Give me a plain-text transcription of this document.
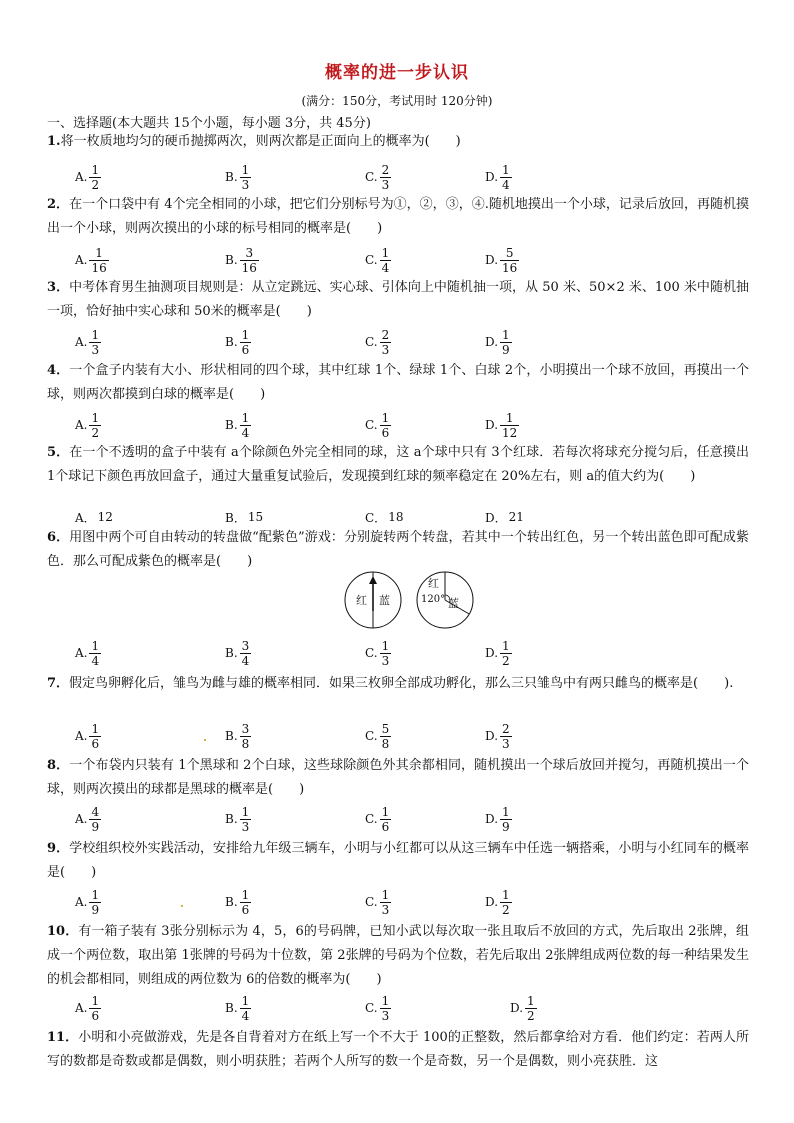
概率的进一步认识
(满分：150分，考试用时 120分钟)
一、选择题(本大题共 15个小题，每小题 3分，共 45分)
1.将一枚质地均匀的硬币抛掷两次，则两次都是正面向上的概率为(　　)
A. $\frac{1}{2}$	B. $\frac{1}{3}$	C. $\frac{2}{3}$	D. $\frac{1}{4}$
2．在一个口袋中有 4个完全相同的小球，把它们分别标号为①，②，③，④.随机地摸出一个小球，记录后放回，再随机摸出一个小球，则两次摸出的小球的标号相同的概率是(　　)
A. $\frac{1}{16}$	B. $\frac{3}{16}$	C. $\frac{1}{4}$	D. $\frac{5}{16}$
3．中考体育男生抽测项目规则是：从立定跳远、实心球、引体向上中随机抽一项，从 50 米、50×2 米、100 米中随机抽一项，恰好抽中实心球和 50米的概率是(　　)
A. $\frac{1}{3}$	B. $\frac{1}{6}$	C. $\frac{2}{3}$	D. $\frac{1}{9}$
4．一个盒子内装有大小、形状相同的四个球，其中红球 1个、绿球 1个、白球 2个，小明摸出一个球不放回，再摸出一个球，则两次都摸到白球的概率是(　　)
A. $\frac{1}{2}$	B. $\frac{1}{4}$	C. $\frac{1}{6}$	D. $\frac{1}{12}$
5．在一个不透明的盒子中装有 a个除颜色外完全相同的球，这 a个球中只有 3个红球．若每次将球充分搅匀后，任意摸出 1个球记下颜色再放回盒子，通过大量重复试验后，发现摸到红球的频率稳定在 20%左右，则 a的值大约为(　　)
A． 12	B． 15	C． 18	D． 21
6．用图中两个可自由转动的转盘做“配紫色”游戏：分别旋转两个转盘，若其中一个转出红色，另一个转出蓝色即可配成紫色．那么可配成紫色的概率是(　　)
红 蓝
红
120° 蓝
A. $\frac{1}{4}$	B. $\frac{3}{4}$	C. $\frac{1}{3}$	D. $\frac{1}{2}$
7．假定鸟卵孵化后，雏鸟为雌与雄的概率相同．如果三枚卵全部成功孵化，那么三只雏鸟中有两只雌鸟的概率是(　　).
A. $\frac{1}{6}$	B. $\frac{3}{8}$	C. $\frac{5}{8}$	D. $\frac{2}{3}$
8．一个布袋内只装有 1个黑球和 2个白球，这些球除颜色外其余都相同，随机摸出一个球后放回并搅匀，再随机摸出一个球，则两次摸出的球都是黑球的概率是(　　)
A. $\frac{4}{9}$	B. $\frac{1}{3}$	C. $\frac{1}{6}$	D. $\frac{1}{9}$
9．学校组织校外实践活动，安排给九年级三辆车，小明与小红都可以从这三辆车中任选一辆搭乘，小明与小红同车的概率是(　　)
A. $\frac{1}{9}$	B. $\frac{1}{6}$	C. $\frac{1}{3}$	D. $\frac{1}{2}$
10．有一箱子装有 3张分别标示为 4，5，6的号码牌，已知小武以每次取一张且取后不放回的方式，先后取出 2张牌，组成一个两位数，取出第 1张牌的号码为十位数，第 2张牌的号码为个位数，若先后取出 2张牌组成两位数的每一种结果发生的机会都相同，则组成的两位数为 6的倍数的概率为(　　)
A. $\frac{1}{6}$	B. $\frac{1}{4}$	C. $\frac{1}{3}$	D. $\frac{1}{2}$
11．小明和小亮做游戏，先是各自背着对方在纸上写一个不大于 100的正整数，然后都拿给对方看．他们约定：若两人所写的数都是奇数或都是偶数，则小明获胜；若两个人所写的数一个是奇数，另一个是偶数，则小亮获胜．这
